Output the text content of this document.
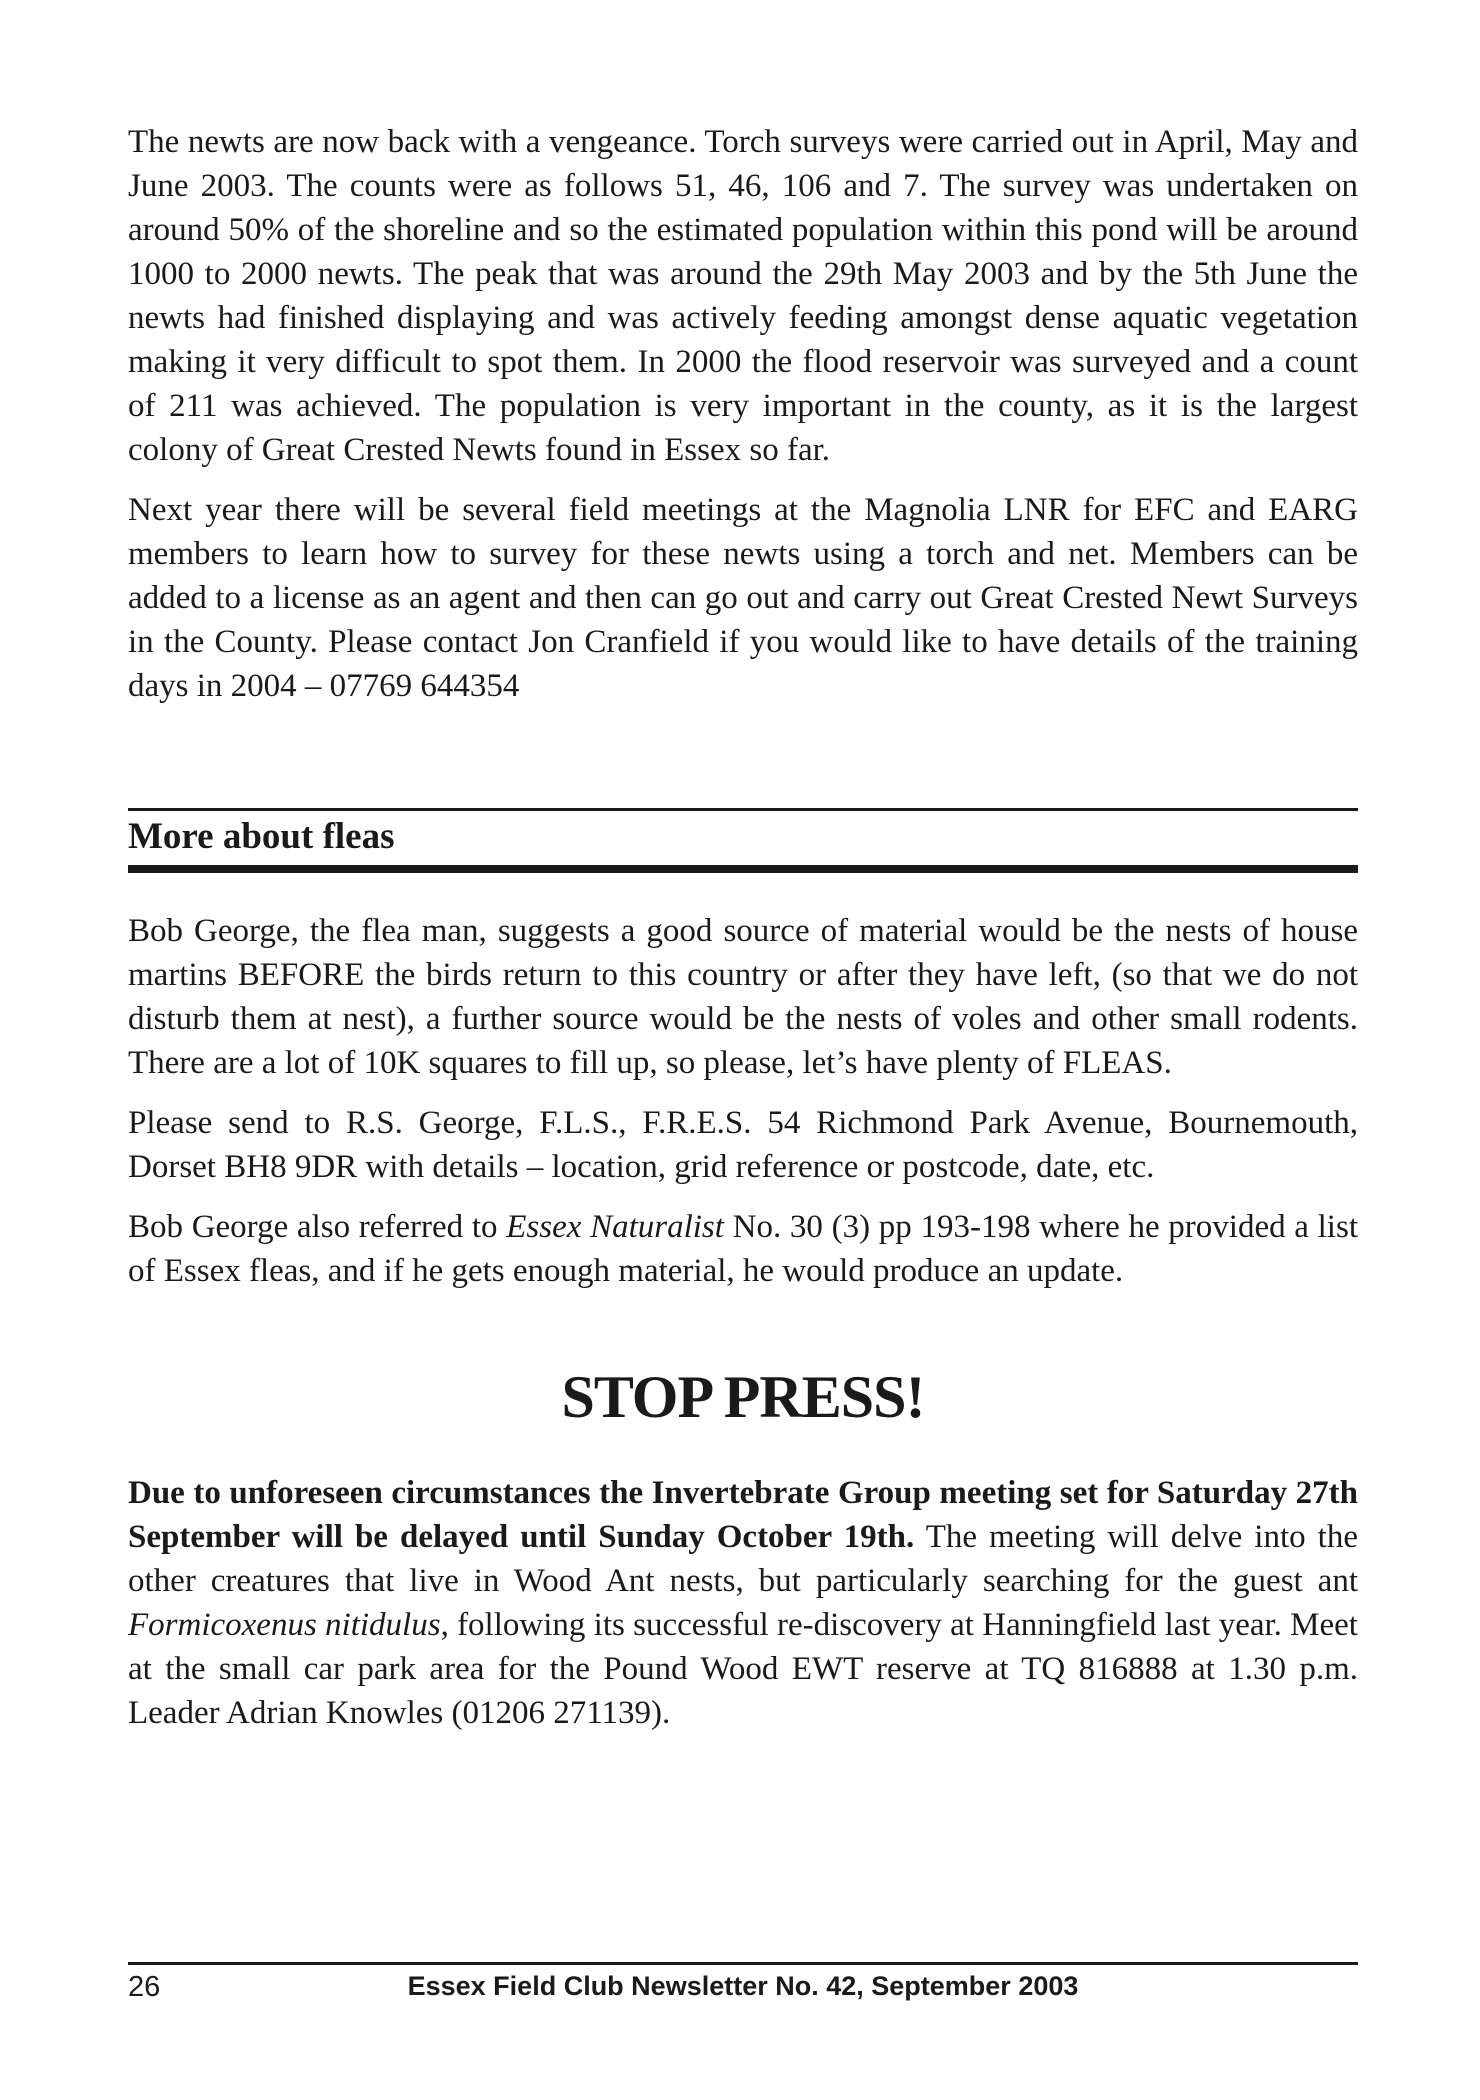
The newts are now back with a vengeance. Torch surveys were carried out in April, May and June 2003. The counts were as follows 51, 46, 106 and 7. The survey was undertaken on around 50% of the shoreline and so the estimated population within this pond will be around 1000 to 2000 newts. The peak that was around the 29th May 2003 and by the 5th June the newts had finished displaying and was actively feeding amongst dense aquatic vegetation making it very difficult to spot them. In 2000 the flood reservoir was surveyed and a count of 211 was achieved. The population is very important in the county, as it is the largest colony of Great Crested Newts found in Essex so far.

Next year there will be several field meetings at the Magnolia LNR for EFC and EARG members to learn how to survey for these newts using a torch and net. Members can be added to a license as an agent and then can go out and carry out Great Crested Newt Surveys in the County. Please contact Jon Cranfield if you would like to have details of the training days in 2004 – 07769 644354

More about fleas

Bob George, the flea man, suggests a good source of material would be the nests of house martins BEFORE the birds return to this country or after they have left, (so that we do not disturb them at nest), a further source would be the nests of voles and other small rodents. There are a lot of 10K squares to fill up, so please, let’s have plenty of FLEAS.

Please send to R.S. George, F.L.S., F.R.E.S. 54 Richmond Park Avenue, Bournemouth, Dorset BH8 9DR with details – location, grid reference or postcode, date, etc.

Bob George also referred to Essex Naturalist No. 30 (3) pp 193-198 where he provided a list of Essex fleas, and if he gets enough material, he would produce an update.

STOP PRESS!

Due to unforeseen circumstances the Invertebrate Group meeting set for Saturday 27th September will be delayed until Sunday October 19th. The meeting will delve into the other creatures that live in Wood Ant nests, but particularly searching for the guest ant Formicoxenus nitidulus, following its successful re-discovery at Hanningfield last year. Meet at the small car park area for the Pound Wood EWT reserve at TQ 816888 at 1.30 p.m. Leader Adrian Knowles (01206 271139).

26	Essex Field Club Newsletter No. 42, September 2003
